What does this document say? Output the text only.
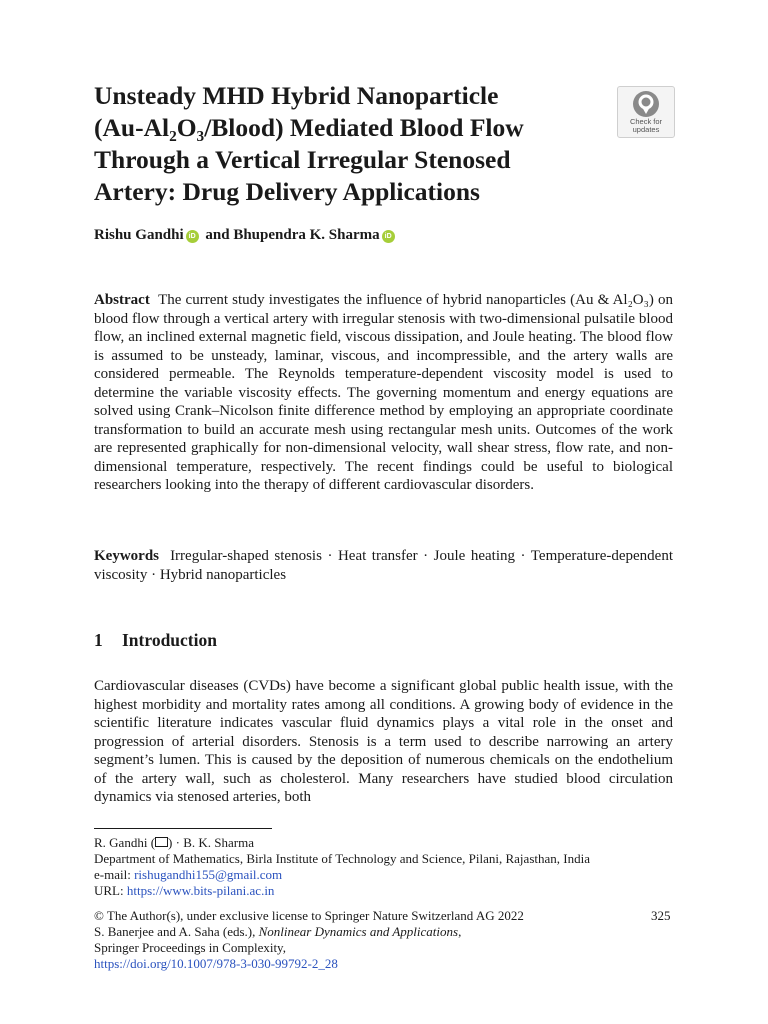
Unsteady MHD Hybrid Nanoparticle
(Au-Al₂O₃/Blood) Mediated Blood Flow
Through a Vertical Irregular Stenosed
Artery: Drug Delivery Applications
Check for
updates
Rishu Gandhi iD and Bhupendra K. Sharma iD
Abstract The current study investigates the influence of hybrid nanoparticles (Au & Al₂O₃) on blood flow through a vertical artery with irregular stenosis with two-dimensional pulsatile blood flow, an inclined external magnetic field, viscous dissipation, and Joule heating. The blood flow is assumed to be unsteady, laminar, viscous, and incompressible, and the artery walls are considered permeable. The Reynolds temperature-dependent viscosity model is used to determine the variable viscosity effects. The governing momentum and energy equations are solved using Crank–Nicolson finite difference method by employing an appropriate coordinate transformation to build an accurate mesh using rectangular mesh units. Outcomes of the work are represented graphically for non-dimensional velocity, wall shear stress, flow rate, and non-dimensional temperature, respectively. The recent findings could be useful to biological researchers looking into the therapy of different cardiovascular disorders.
Keywords Irregular-shaped stenosis · Heat transfer · Joule heating · Temperature-dependent viscosity · Hybrid nanoparticles
1 Introduction
Cardiovascular diseases (CVDs) have become a significant global public health issue, with the highest morbidity and mortality rates among all conditions. A growing body of evidence in the scientific literature indicates vascular fluid dynamics plays a vital role in the onset and progression of arterial disorders. Stenosis is a term used to describe narrowing an artery segment’s lumen. This is caused by the deposition of numerous chemicals on the endothelium of the artery wall, such as cholesterol. Many researchers have studied blood circulation dynamics via stenosed arteries, both
R. Gandhi ( ) · B. K. Sharma
Department of Mathematics, Birla Institute of Technology and Science, Pilani, Rajasthan, India
e-mail: rishugandhi155@gmail.com
URL: https://www.bits-pilani.ac.in
© The Author(s), under exclusive license to Springer Nature Switzerland AG 2022
S. Banerjee and A. Saha (eds.), Nonlinear Dynamics and Applications,
Springer Proceedings in Complexity,
https://doi.org/10.1007/978-3-030-99792-2_28
325
